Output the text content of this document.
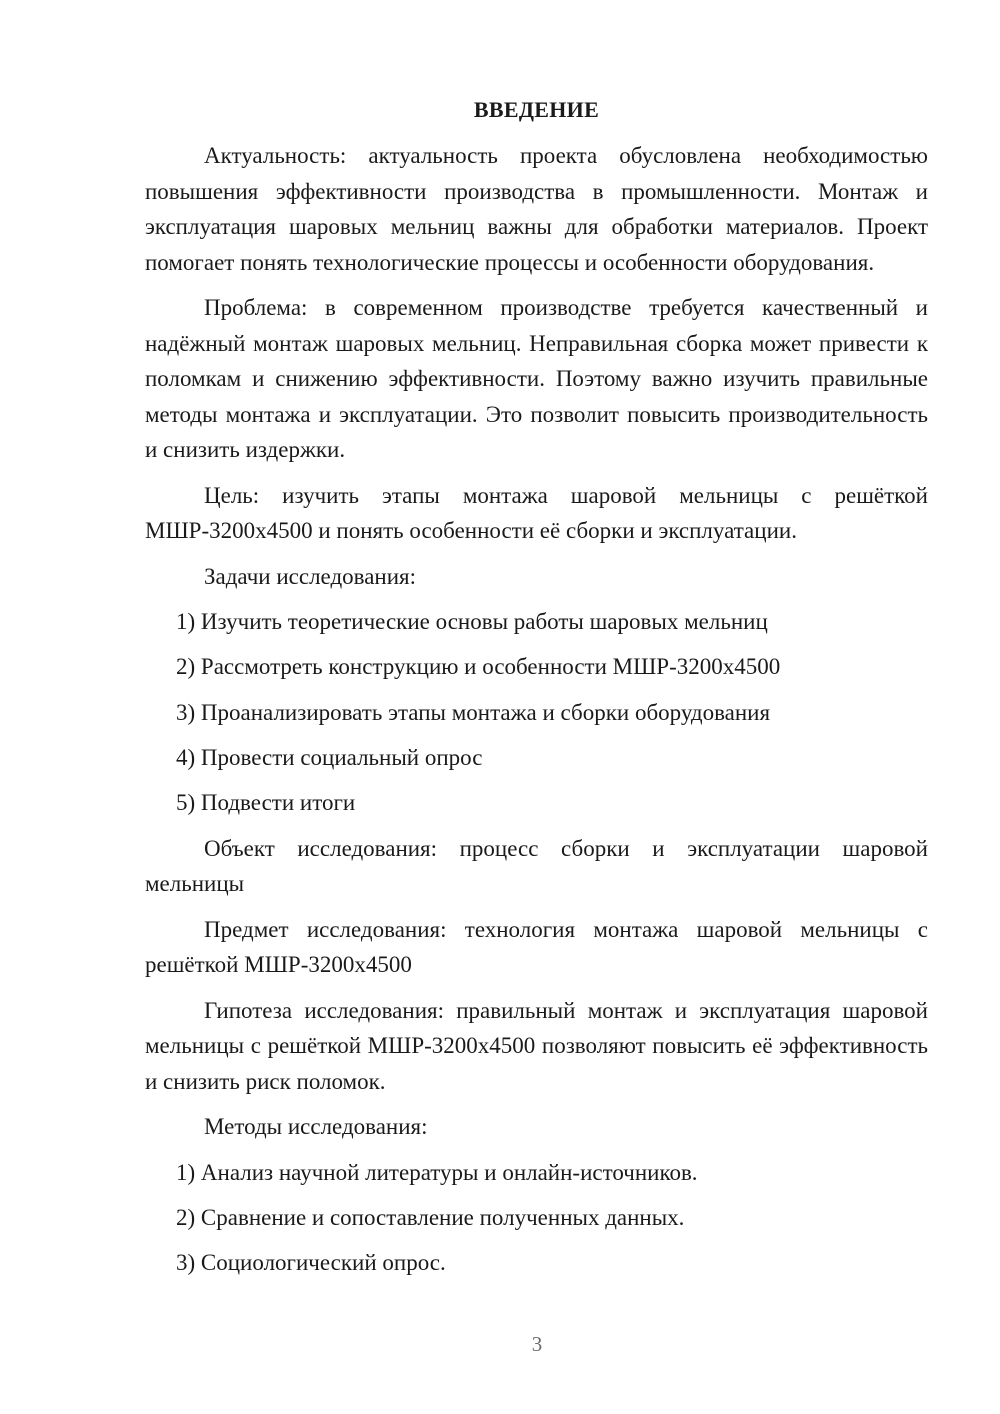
ВВЕДЕНИЕ

Актуальность: актуальность проекта обусловлена необходимостью повышения эффективности производства в промышленности. Монтаж и эксплуатация шаровых мельниц важны для обработки материалов. Проект помогает понять технологические процессы и особенности оборудования.

Проблема: в современном производстве требуется качественный и надёжный монтаж шаровых мельниц. Неправильная сборка может привести к поломкам и снижению эффективности. Поэтому важно изучить правильные методы монтажа и эксплуатации. Это позволит повысить производительность и снизить издержки.

Цель: изучить этапы монтажа шаровой мельницы с решёткой МШР-3200х4500 и понять особенности её сборки и эксплуатации.

Задачи исследования:

1) Изучить теоретические основы работы шаровых мельниц
2) Рассмотреть конструкцию и особенности МШР-3200х4500
3) Проанализировать этапы монтажа и сборки оборудования
4) Провести социальный опрос
5) Подвести итоги

Объект исследования: процесс сборки и эксплуатации шаровой мельницы

Предмет исследования: технология монтажа шаровой мельницы с решёткой МШР-3200х4500

Гипотеза исследования: правильный монтаж и эксплуатация шаровой мельницы с решёткой МШР-3200х4500 позволяют повысить её эффективность и снизить риск поломок.

Методы исследования:

1) Анализ научной литературы и онлайн-источников.
2) Сравнение и сопоставление полученных данных.
3) Социологический опрос.
3
